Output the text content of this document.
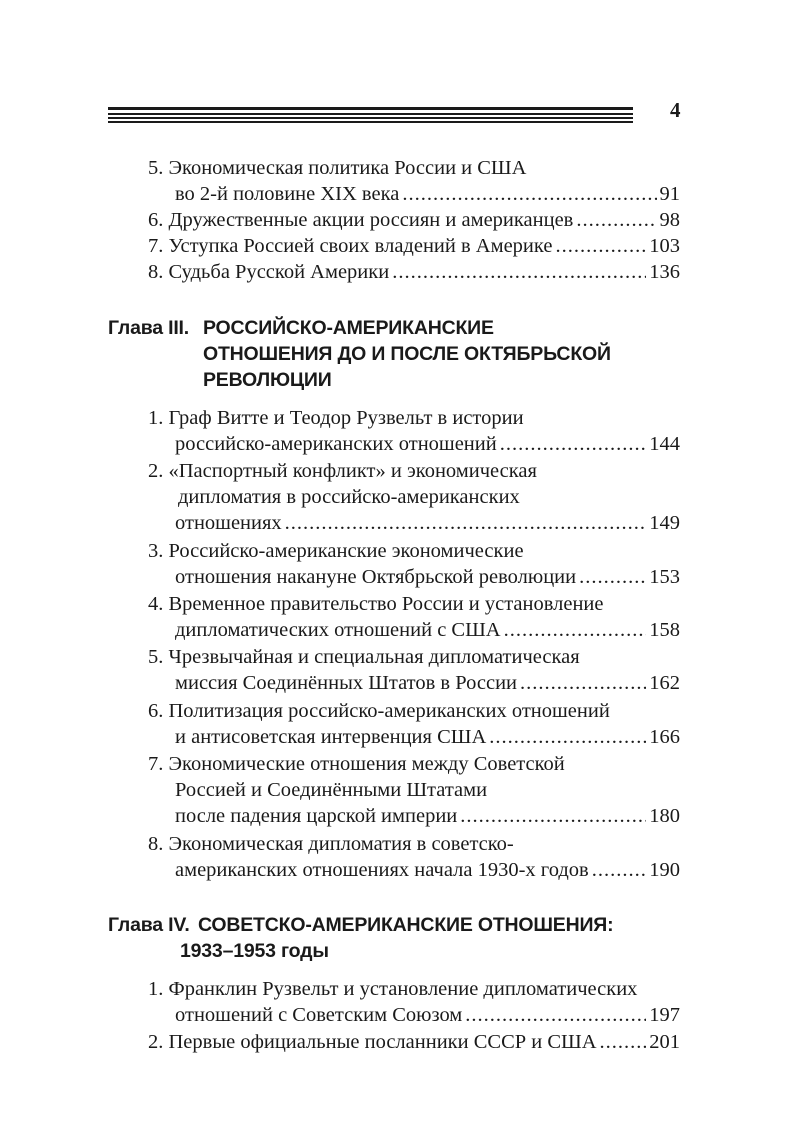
4
5. Экономическая политика России и США
во 2-й половине XIX века .....	91
6. Дружественные акции россиян и американцев .....	98
7. Уступка Россией своих владений в Америке .....	103
8. Судьба Русской Америки .....	136
Глава III. РОССИЙСКО-АМЕРИКАНСКИЕ
ОТНОШЕНИЯ ДО И ПОСЛЕ ОКТЯБРЬСКОЙ
РЕВОЛЮЦИИ
1. Граф Витте и Теодор Рузвельт в истории
российско-американских отношений .....	144
2. «Паспортный конфликт» и экономическая
дипломатия в российско-американских
отношениях .....	149
3. Российско-американские экономические
отношения накануне Октябрьской революции .....	153
4. Временное правительство России и установление
дипломатических отношений с США .....	158
5. Чрезвычайная и специальная дипломатическая
миссия Соединённых Штатов в России .....	162
6. Политизация российско-американских отношений
и антисоветская интервенция США .....	166
7. Экономические отношения между Советской
Россией и Соединёнными Штатами
после падения царской империи .....	180
8. Экономическая дипломатия в советско-
американских отношениях начала 1930-х годов .....	190
Глава IV. СОВЕТСКО-АМЕРИКАНСКИЕ ОТНОШЕНИЯ:
1933–1953 годы
1. Франклин Рузвельт и установление дипломатических
отношений с Советским Союзом .....	197
2. Первые официальные посланники СССР и США .....	201
